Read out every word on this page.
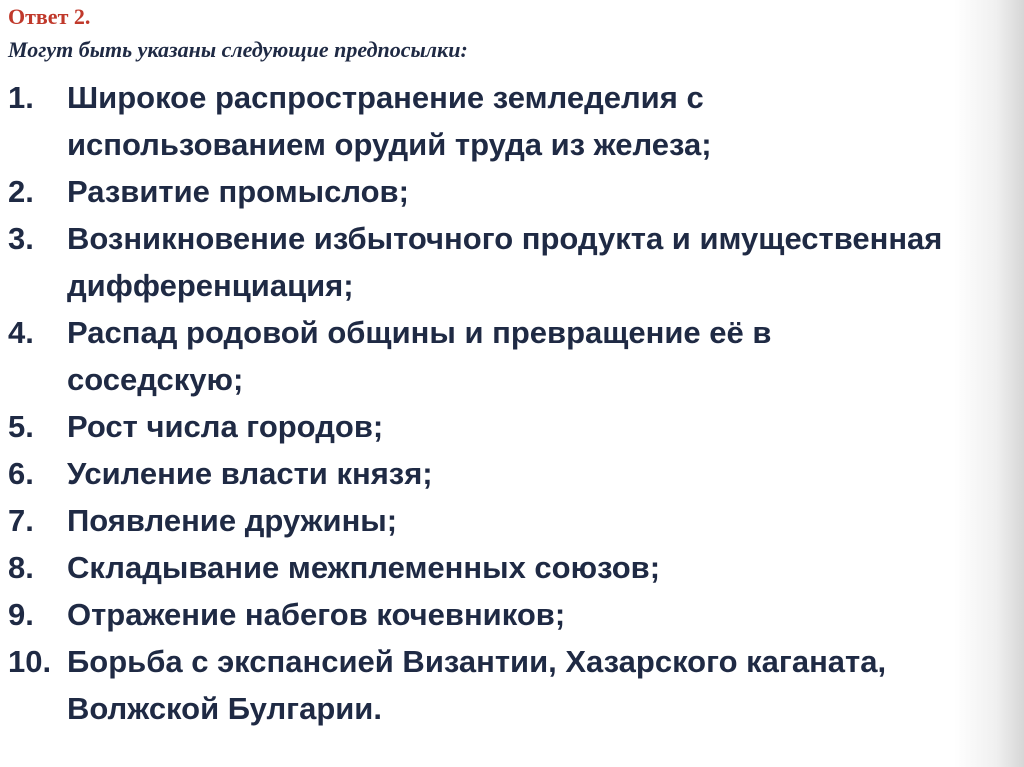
Ответ 2.

Могут быть указаны следующие предпосылки:

1.	Широкое распространение земледелия с использованием орудий труда из железа;
2.	Развитие промыслов;
3.	Возникновение избыточного продукта и имущественная дифференциация;
4.	Распад родовой общины и превращение её в соседскую;
5.	Рост числа городов;
6.	Усиление власти князя;
7.	Появление дружины;
8.	Складывание межплеменных союзов;
9.	Отражение набегов кочевников;
10. Борьба с экспансией Византии, Хазарского каганата, Волжской Булгарии.
